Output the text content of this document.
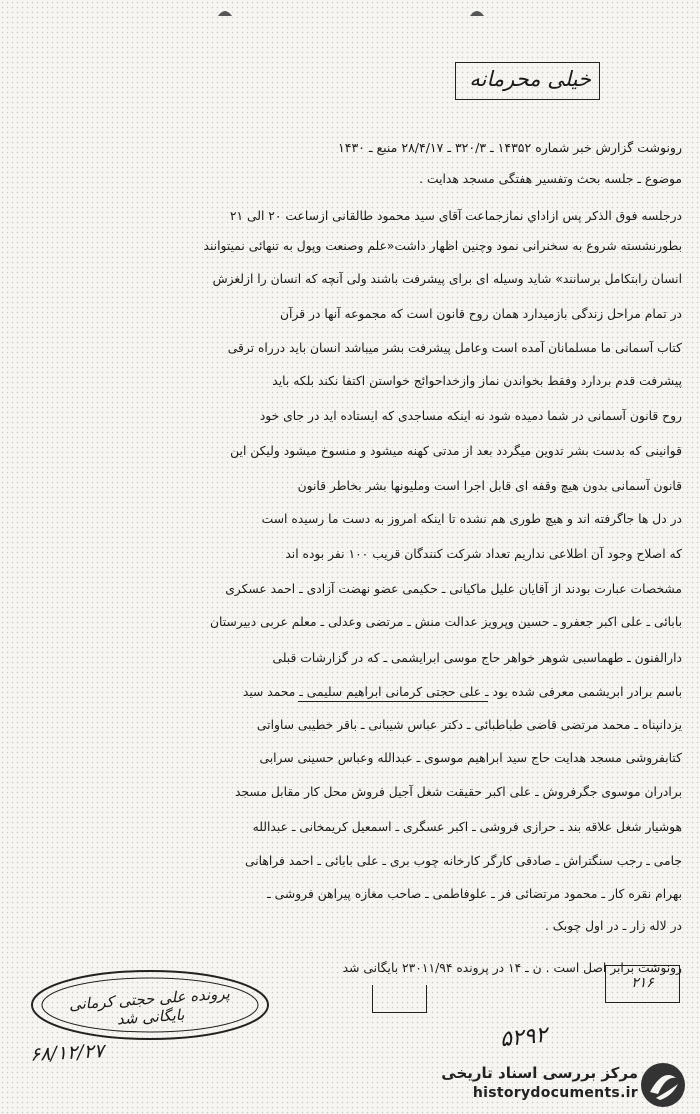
خیلی محرمانه
رونوشت گزارش خبر شماره ۱۴۳۵۲ ـ ۳۲۰/۳ ـ ۲۸/۴/۱۷ منبع ـ ۱۴۳۰
موضوع ـ جلسه بحث وتفسیر هفتگی مسجد هدایت .
درجلسه فوق الذکر پس ازاداي نمازجماعت آقای سید محمود طالقانی ازساعت ۲۰ الی ۲۱
بطورنشسته شروع به سخنرانی نمود وچنین اظهار داشت«علم وصنعت وپول به تنهائی نمیتوانند
انسان رابتکامل برسانند» شاید وسیله ای برای پیشرفت باشند ولی آنچه که انسان را ازلغزش
در تمام مراحل زندگی بازمیدارد همان روح قانون است که مجموعه آنها در قرآن
کتاب آسمانی ما مسلمانان آمده است وعامل پیشرفت بشر میباشد انسان باید درراه ترقی
پیشرفت قدم بردارد وفقط بخواندن نماز وازخداحوائج خواستن اکتفا نکند بلکه باید
روح قانون آسمانی در شما دمیده شود نه اینکه مساجدی که ایستاده اید در جای خود
قوانینی که بدست بشر تدوین میگردد بعد از مدتی کهنه میشود و منسوخ میشود ولیکن این
قانون آسمانی بدون هیچ وقفه ای قابل اجرا است وملیونها بشر بخاطر قانون
در دل ها جاگرفته اند و هیچ طوری هم نشده تا اینکه امروز به دست ما رسیده است
که اصلاح وجود آن اطلاعی نداریم تعداد شرکت کنندگان قریب ۱۰۰ نفر بوده اند
مشخصات عبارت بودند از آقایان علیل ماکیانی ـ حکیمی عضو نهضت آزادی ـ احمد عسکری
بابائی ـ علی اکبر جعفرو ـ حسین وپرویز عدالت منش ـ مرتضی وعدلی ـ معلم عربی دبیرستان
دارالفنون ـ طهماسبی شوهر خواهر حاج موسی ابرایشمی ـ که در گزارشات قبلی
باسم برادر ابریشمی معرفی شده بود ـ علی حجتی کرمانی ابراهیم سلیمی ـ محمد سید
یزدانپناه ـ محمد مرتضی قاضی طباطبائی ـ دکتر عباس شیبانی ـ باقر خطیبی ساواتی
کتابفروشی مسجد هدایت حاج سید ابراهیم موسوی ـ عبدالله وعباس حسینی سرابی
برادران موسوی جگرفروش ـ علی اکبر حقیقت شغل آجیل فروش محل کار مقابل مسجد
هوشیار شغل علاقه بند ـ حرازی فروشی ـ اکبر عسگری ـ اسمعیل کریمخانی ـ عبدالله
جامی ـ رجب سنگتراش ـ صادقی کارگر کارخانه چوب بری ـ علی بابائی ـ احمد فراهانی
بهرام نقره کار ـ محمود مرتضائی فر ـ علوفاطمی ـ صاحب مغازه پیراهن فروشی ـ
در لاله زار ـ در اول چوبک .
رونوشت برابر اصل است . ن ـ ۱۴ در پرونده ۲۳۰۱۱/۹۴ بایگانی شد
پرونده علی حجتی کرمانی بایگانی شد
۶۸/۱۲/۲۷
۲۱۶
۵۲۹۲
مرکز بررسی اسناد تاریخی
historydocuments.ir
